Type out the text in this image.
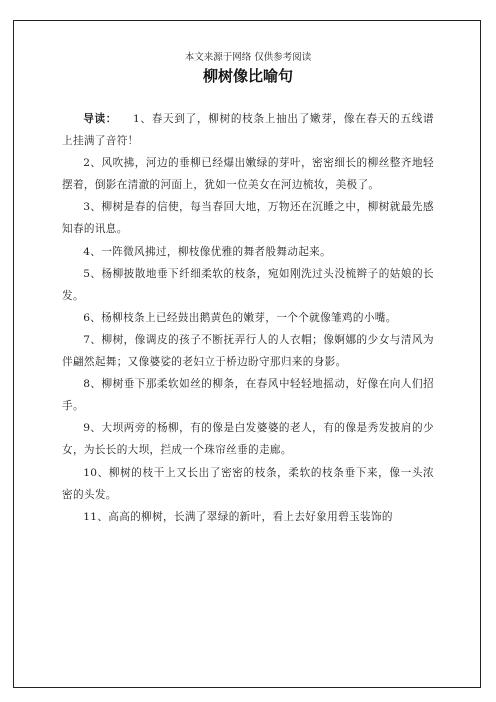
本文来源于网络 仅供参考阅读
柳树像比喻句

导读： 1、春天到了，柳树的枝条上抽出了嫩芽，像在春天的五线谱上挂满了音符！

2、风吹拂，河边的垂柳已经爆出嫩绿的芽叶，密密细长的柳丝整齐地轻摆着，倒影在清澈的河面上，犹如一位美女在河边梳妆，美极了。

3、柳树是春的信使，每当春回大地，万物还在沉睡之中，柳树就最先感知春的讯息。

4、一阵微风拂过，柳枝像优雅的舞者般舞动起来。

5、杨柳披散地垂下纤细柔软的枝条，宛如刚洗过头没梳辫子的姑娘的长发。

6、杨柳枝条上已经鼓出鹅黄色的嫩芽，一个个就像雏鸡的小嘴。

7、柳树，像调皮的孩子不断抚弄行人的人衣帽；像婀娜的少女与清风为伴翩然起舞；又像婆娑的老妇立于桥边盼守那归来的身影。

8、柳树垂下那柔软如丝的柳条，在春风中轻轻地摇动，好像在向人们招手。

9、大坝两旁的杨柳，有的像是白发婆婆的老人，有的像是秀发披肩的少女，为长长的大坝，拦成一个珠帘丝垂的走廊。

10、柳树的枝干上又长出了密密的枝条，柔软的枝条垂下来，像一头浓密的头发。

11、高高的柳树，长满了翠绿的新叶，看上去好象用碧玉装饰的
